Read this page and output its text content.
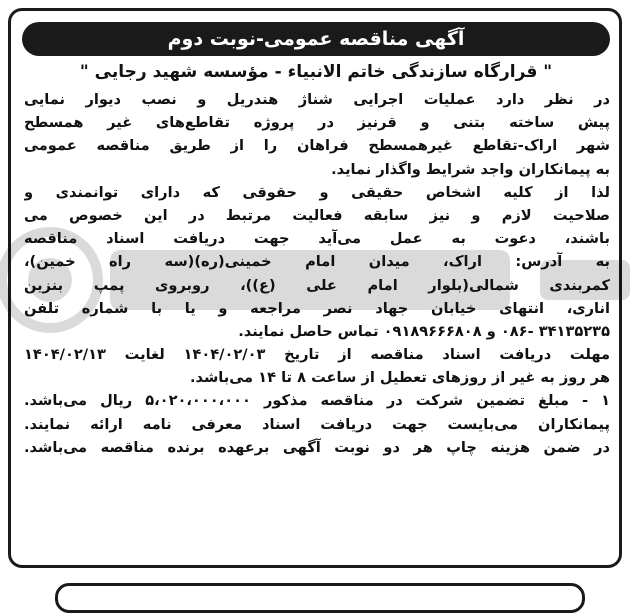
آگهی مناقصه عمومی-نوبت دوم
" قرارگاه سازندگی خاتم الانبیاء - مؤسسه شهید رجایی "
در نظر دارد عملیات اجرایی شناژ هندریل و نصب دیوار نمایی
پیش ساخته بتنی و قرنیز در پروژه تقاطع‌های غیر همسطح
شهر اراک-تقاطع غیرهمسطح فراهان را از طریق مناقصه عمومی
به پیمانکاران واجد شرایط واگذار نماید.
لذا از کلیه اشخاص حقیقی و حقوقی که دارای توانمندی و
صلاحیت لازم و نیز سابقه فعالیت مرتبط در این خصوص می
باشند، دعوت به عمل می‌آید جهت دریافت اسناد مناقصه
به آدرس: اراک، میدان امام خمینی(ره)(سه راه خمین)،
کمربندی شمالی(بلوار امام علی (ع))، روبروی پمپ بنزین
اناری، انتهای خیابان جهاد نصر مراجعه و یا با شماره تلفن
۳۴۱۳۵۲۳۵ -۰۸۶ و ۰۹۱۸۹۶۶۶۸۰۸ تماس حاصل نمایند.
مهلت دریافت اسناد مناقصه از تاریخ ۱۴۰۴/۰۲/۰۳ لغایت ۱۴۰۴/۰۲/۱۳
هر روز به غیر از روزهای تعطیل از ساعت ۸ تا ۱۴ می‌باشد.
۱ - مبلغ تضمین شرکت در مناقصه مذکور ۵،۰۲۰،۰۰۰،۰۰۰ ریال می‌باشد.
پیمانکاران می‌بایست جهت دریافت اسناد معرفی نامه ارائه نمایند.
در ضمن هزینه چاپ هر دو نوبت آگهی برعهده برنده مناقصه می‌باشد.
